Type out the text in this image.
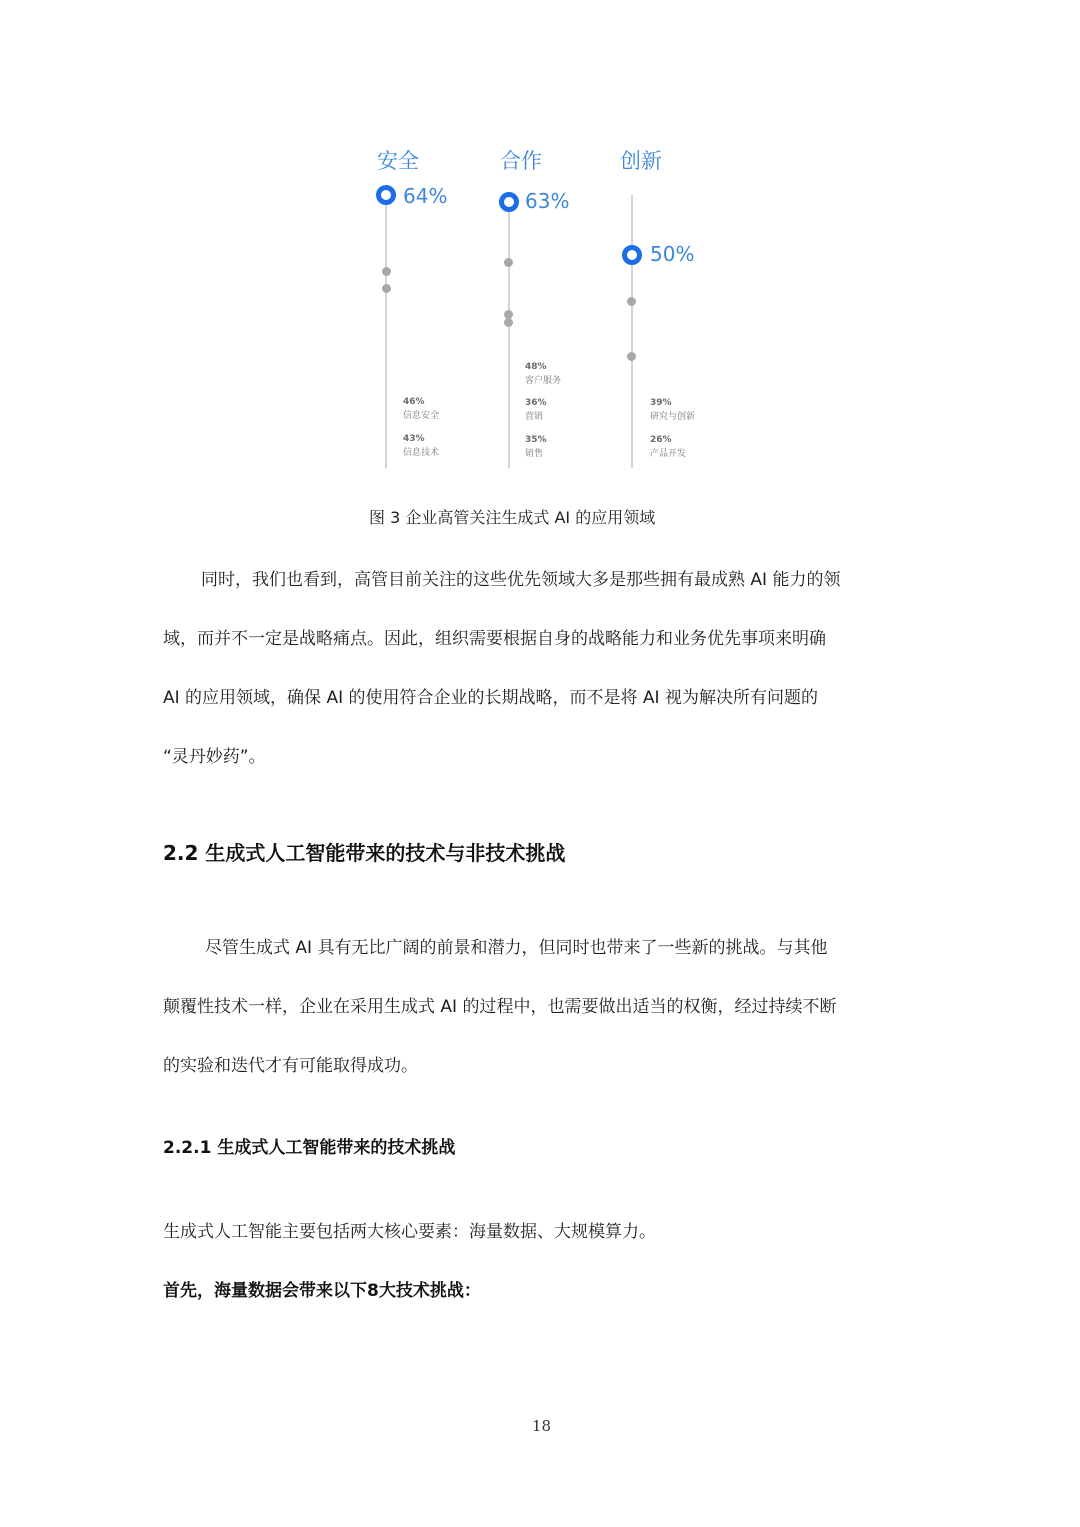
安全
64%
46%
信息安全
43%
信息技术
合作
63%
48%
客户服务
36%
营销
35%
销售
创新
50%
39%
研究与创新
26%
产品开发
图 3 企业高管关注生成式 AI 的应用领域
同时，我们也看到，高管目前关注的这些优先领域大多是那些拥有最成熟 AI 能力的领
域，而并不一定是战略痛点。因此，组织需要根据自身的战略能力和业务优先事项来明确
AI 的应用领域，确保 AI 的使用符合企业的长期战略，而不是将 AI 视为解决所有问题的
“灵丹妙药”。
2.2 生成式人工智能带来的技术与非技术挑战
尽管生成式 AI 具有无比广阔的前景和潜力，但同时也带来了一些新的挑战。与其他
颠覆性技术一样，企业在采用生成式 AI 的过程中，也需要做出适当的权衡，经过持续不断
的实验和迭代才有可能取得成功。
2.2.1 生成式人工智能带来的技术挑战
生成式人工智能主要包括两大核心要素：海量数据、大规模算力。
首先，海量数据会带来以下8大技术挑战：
18
